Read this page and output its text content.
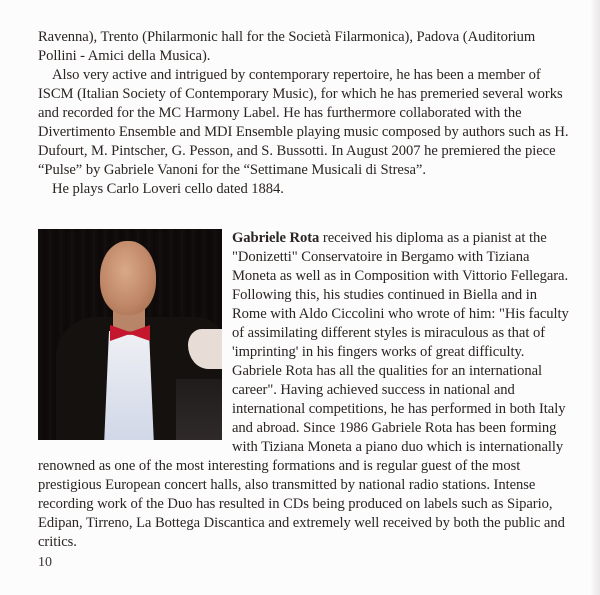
Ravenna), Trento (Philarmonic hall for the Società Filarmonica), Padova (Auditorium Pollini - Amici della Musica).

Also very active and intrigued by contemporary repertoire, he has been a member of ISCM (Italian Society of Contemporary Music), for which he has premeried several works and recorded for the MC Harmony Label. He has furthermore collaborated with the Divertimento Ensemble and MDI Ensemble playing music composed by authors such as H. Dufourt, M. Pintscher, G. Pesson, and S. Bussotti. In August 2007 he premiered the piece “Pulse” by Gabriele Vanoni for the “Settimane Musicali di Stresa”.

He plays Carlo Loveri cello dated 1884.

Gabriele Rota received his diploma as a pianist at the "Donizetti" Conservatoire in Bergamo with Tiziana Moneta as well as in Composition with Vittorio Fellegara. Following this, his studies continued in Biella and in Rome with Aldo Ciccolini who wrote of him: "His faculty of assimilating different styles is miraculous as that of 'imprinting' in his fingers works of great difficulty. Gabriele Rota has all the qualities for an international career". Having achieved success in national and international competitions, he has performed in both Italy and abroad. Since 1986 Gabriele Rota has been forming with Tiziana Moneta a piano duo which is internationally renowned as one of the most interesting formations and is regular guest of the most prestigious European concert halls, also transmitted by national radio stations. Intense recording work of the Duo has resulted in CDs being produced on labels such as Sipario, Edipan, Tirreno, La Bottega Discantica and extremely well received by both the public and critics.

10
